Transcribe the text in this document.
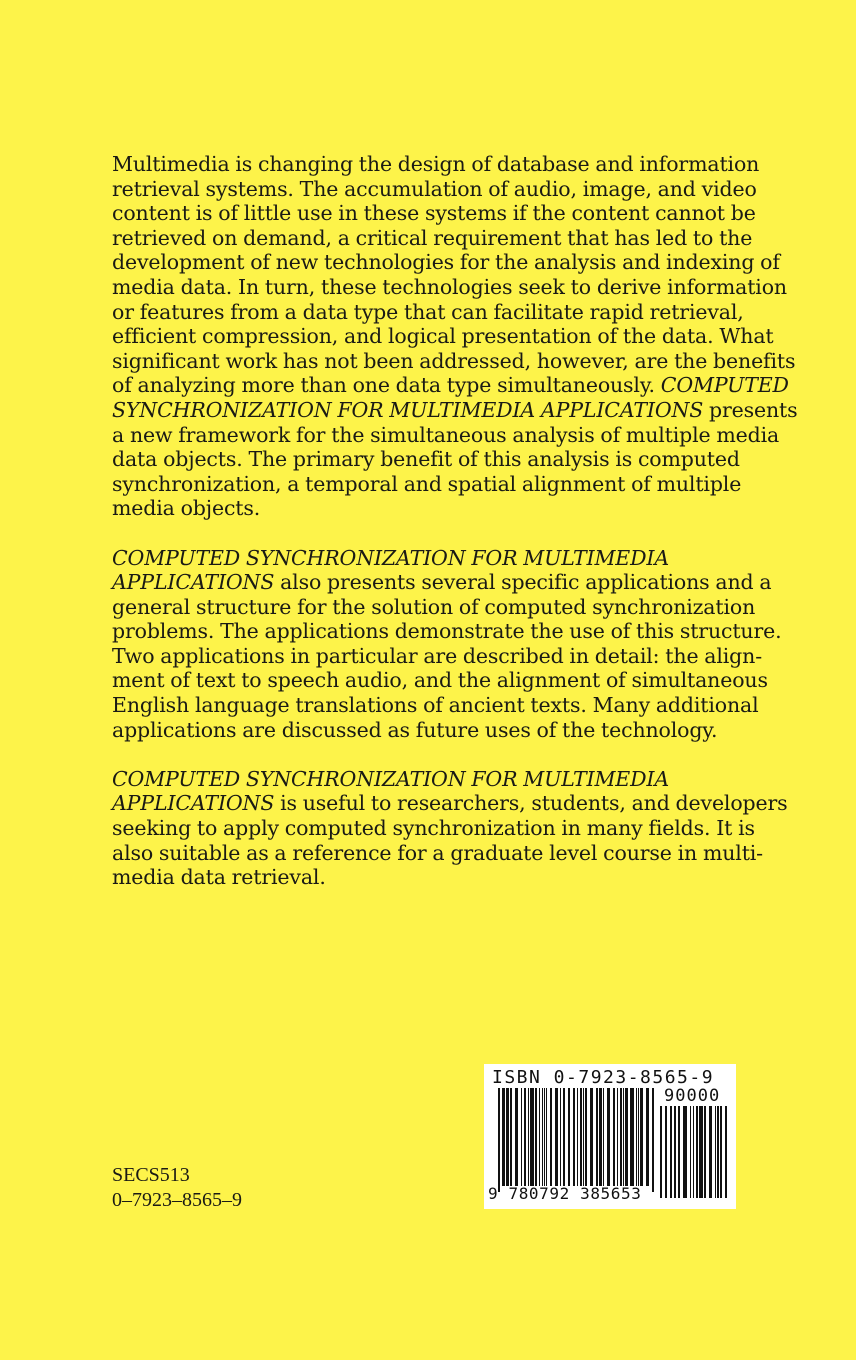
Multimedia is changing the design of database and information
retrieval systems. The accumulation of audio, image, and video
content is of little use in these systems if the content cannot be
retrieved on demand, a critical requirement that has led to the
development of new technologies for the analysis and indexing of
media data. In turn, these technologies seek to derive information
or features from a data type that can facilitate rapid retrieval,
efficient compression, and logical presentation of the data. What
significant work has not been addressed, however, are the benefits
of analyzing more than one data type simultaneously. COMPUTED
SYNCHRONIZATION FOR MULTIMEDIA APPLICATIONS presents
a new framework for the simultaneous analysis of multiple media
data objects. The primary benefit of this analysis is computed
synchronization, a temporal and spatial alignment of multiple
media objects.
COMPUTED SYNCHRONIZATION FOR MULTIMEDIA
APPLICATIONS also presents several specific applications and a
general structure for the solution of computed synchronization
problems. The applications demonstrate the use of this structure.
Two applications in particular are described in detail: the align-
ment of text to speech audio, and the alignment of simultaneous
English language translations of ancient texts. Many additional
applications are discussed as future uses of the technology.
COMPUTED SYNCHRONIZATION FOR MULTIMEDIA
APPLICATIONS is useful to researchers, students, and developers
seeking to apply computed synchronization in many fields. It is
also suitable as a reference for a graduate level course in multi-
media data retrieval.
SECS513
0–7923–8565–9
ISBN 0-7923-8565-9
90000
9 780792 385653
